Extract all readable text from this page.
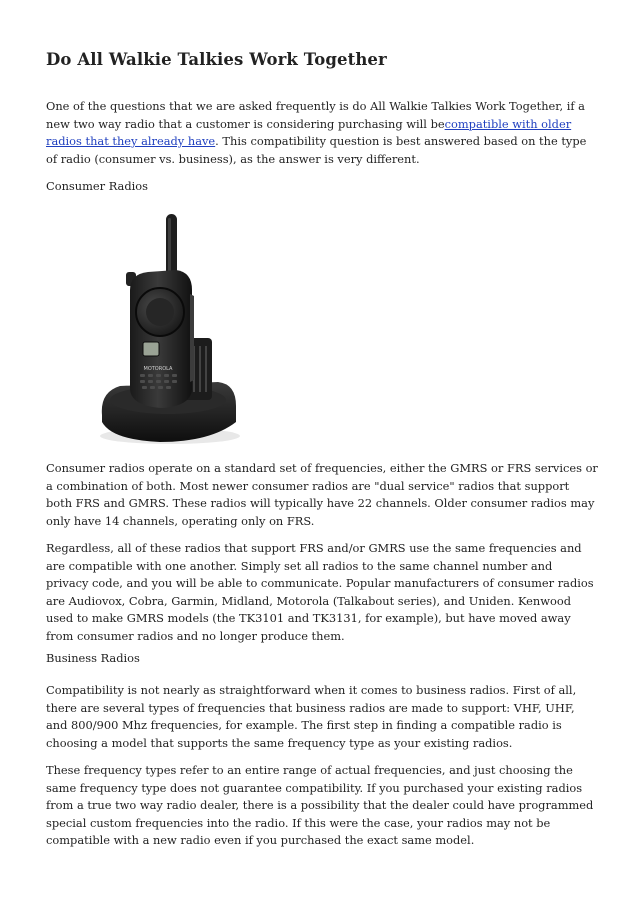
Do All Walkie Talkies Work Together

One of the questions that we are asked frequently is do All Walkie Talkies Work Together, if a new two way radio that a customer is considering purchasing will becompatible with older radios that they already have. This compatibility question is best answered based on the type of radio (consumer vs. business), as the answer is very different.

Consumer Radios

Consumer radios operate on a standard set of frequencies, either the GMRS or FRS services or a combination of both. Most newer consumer radios are "dual service" radios that support both FRS and GMRS. These radios will typically have 22 channels. Older consumer radios may only have 14 channels, operating only on FRS.

Regardless, all of these radios that support FRS and/or GMRS use the same frequencies and are compatible with one another. Simply set all radios to the same channel number and privacy code, and you will be able to communicate. Popular manufacturers of consumer radios are Audiovox, Cobra, Garmin, Midland, Motorola (Talkabout series), and Uniden. Kenwood used to make GMRS models (the TK3101 and TK3131, for example), but have moved away from consumer radios and no longer produce them.

Business Radios

Compatibility is not nearly as straightforward when it comes to business radios. First of all, there are several types of frequencies that business radios are made to support: VHF, UHF, and 800/900 Mhz frequencies, for example. The first step in finding a compatible radio is choosing a model that supports the same frequency type as your existing radios.

These frequency types refer to an entire range of actual frequencies, and just choosing the same frequency type does not guarantee compatibility. If you purchased your existing radios from a true two way radio dealer, there is a possibility that the dealer could have programmed special custom frequencies into the radio. If this were the case, your radios may not be compatible with a new radio even if you purchased the exact same model.

MOTOROLA
